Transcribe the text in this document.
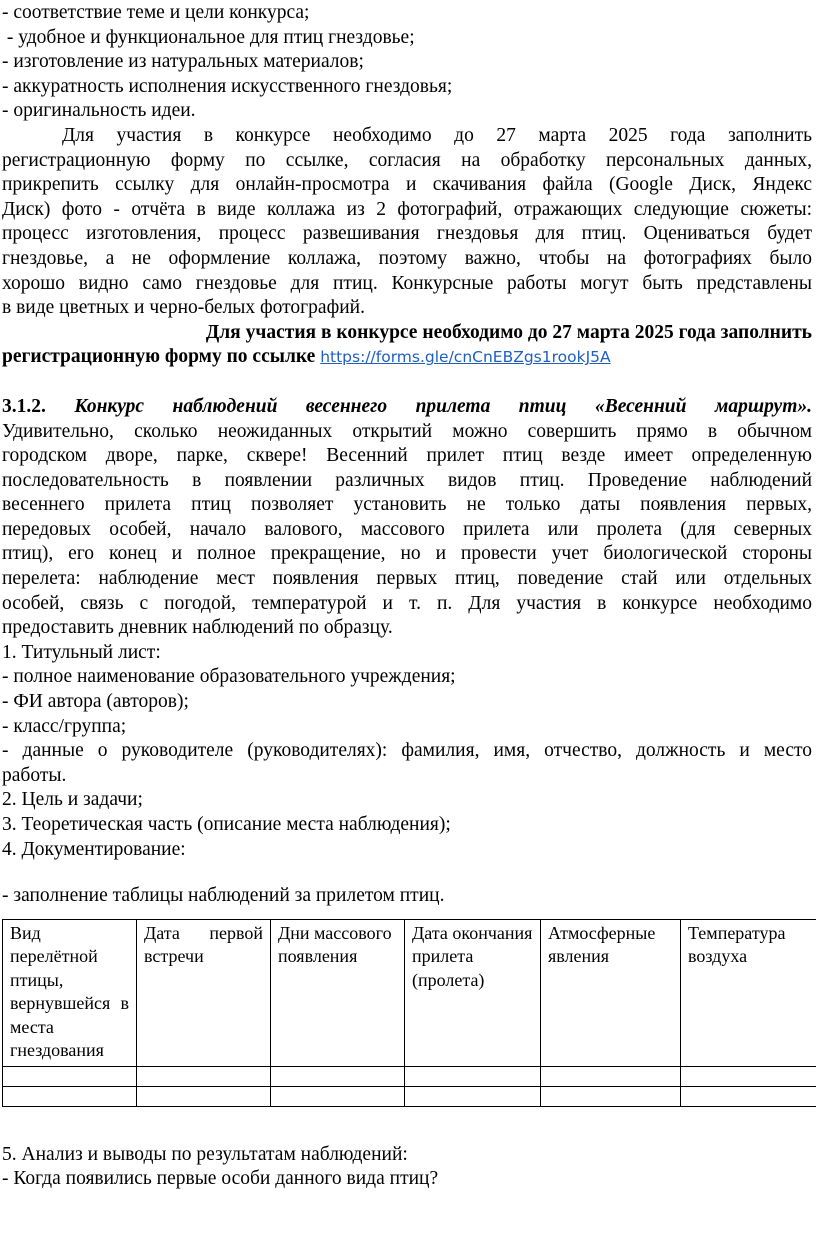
- соответствие теме и цели конкурса;
- удобное и функциональное для птиц гнездовье;
- изготовление из натуральных материалов;
- аккуратность исполнения искусственного гнездовья;
- оригинальность идеи.
Для участия в конкурсе необходимо до 27 марта 2025 года заполнить
регистрационную форму по ссылке, согласия на обработку персональных данных,
прикрепить ссылку для онлайн-просмотра и скачивания файла (Google Диск, Яндекс
Диск) фото - отчёта в виде коллажа из 2 фотографий, отражающих следующие сюжеты:
процесс изготовления, процесс развешивания гнездовья для птиц. Оцениваться будет
гнездовье, а не оформление коллажа, поэтому важно, чтобы на фотографиях было
хорошо видно само гнездовье для птиц. Конкурсные работы могут быть представлены
в виде цветных и черно-белых фотографий.
Для участия в конкурсе необходимо до 27 марта 2025 года заполнить
регистрационную форму по ссылке https://forms.gle/cnCnEBZgs1rookJ5A
3.1.2. Конкурс наблюдений весеннего прилета птиц «Весенний маршрут».
Удивительно, сколько неожиданных открытий можно совершить прямо в обычном
городском дворе, парке, сквере! Весенний прилет птиц везде имеет определенную
последовательность в появлении различных видов птиц. Проведение наблюдений
весеннего прилета птиц позволяет установить не только даты появления первых,
передовых особей, начало валового, массового прилета или пролета (для северных
птиц), его конец и полное прекращение, но и провести учет биологической стороны
перелета: наблюдение мест появления первых птиц, поведение стай или отдельных
особей, связь с погодой, температурой и т. п. Для участия в конкурсе необходимо
предоставить дневник наблюдений по образцу.
1. Титульный лист:
- полное наименование образовательного учреждения;
- ФИ автора (авторов);
- класс/группа;
- данные о руководителе (руководителях): фамилия, имя, отчество, должность и место
работы.
2. Цель и задачи;
3. Теоретическая часть (описание места наблюдения);
4. Документирование:
- заполнение таблицы наблюдений за прилетом птиц.
Вид перелётной птицы, вернувшейся в места гнездования	Дата первой встречи	Дни массового появления	Дата окончания прилета (пролета)	Атмосферные явления	Температура воздуха

5. Анализ и выводы по результатам наблюдений:
- Когда появились первые особи данного вида птиц?
